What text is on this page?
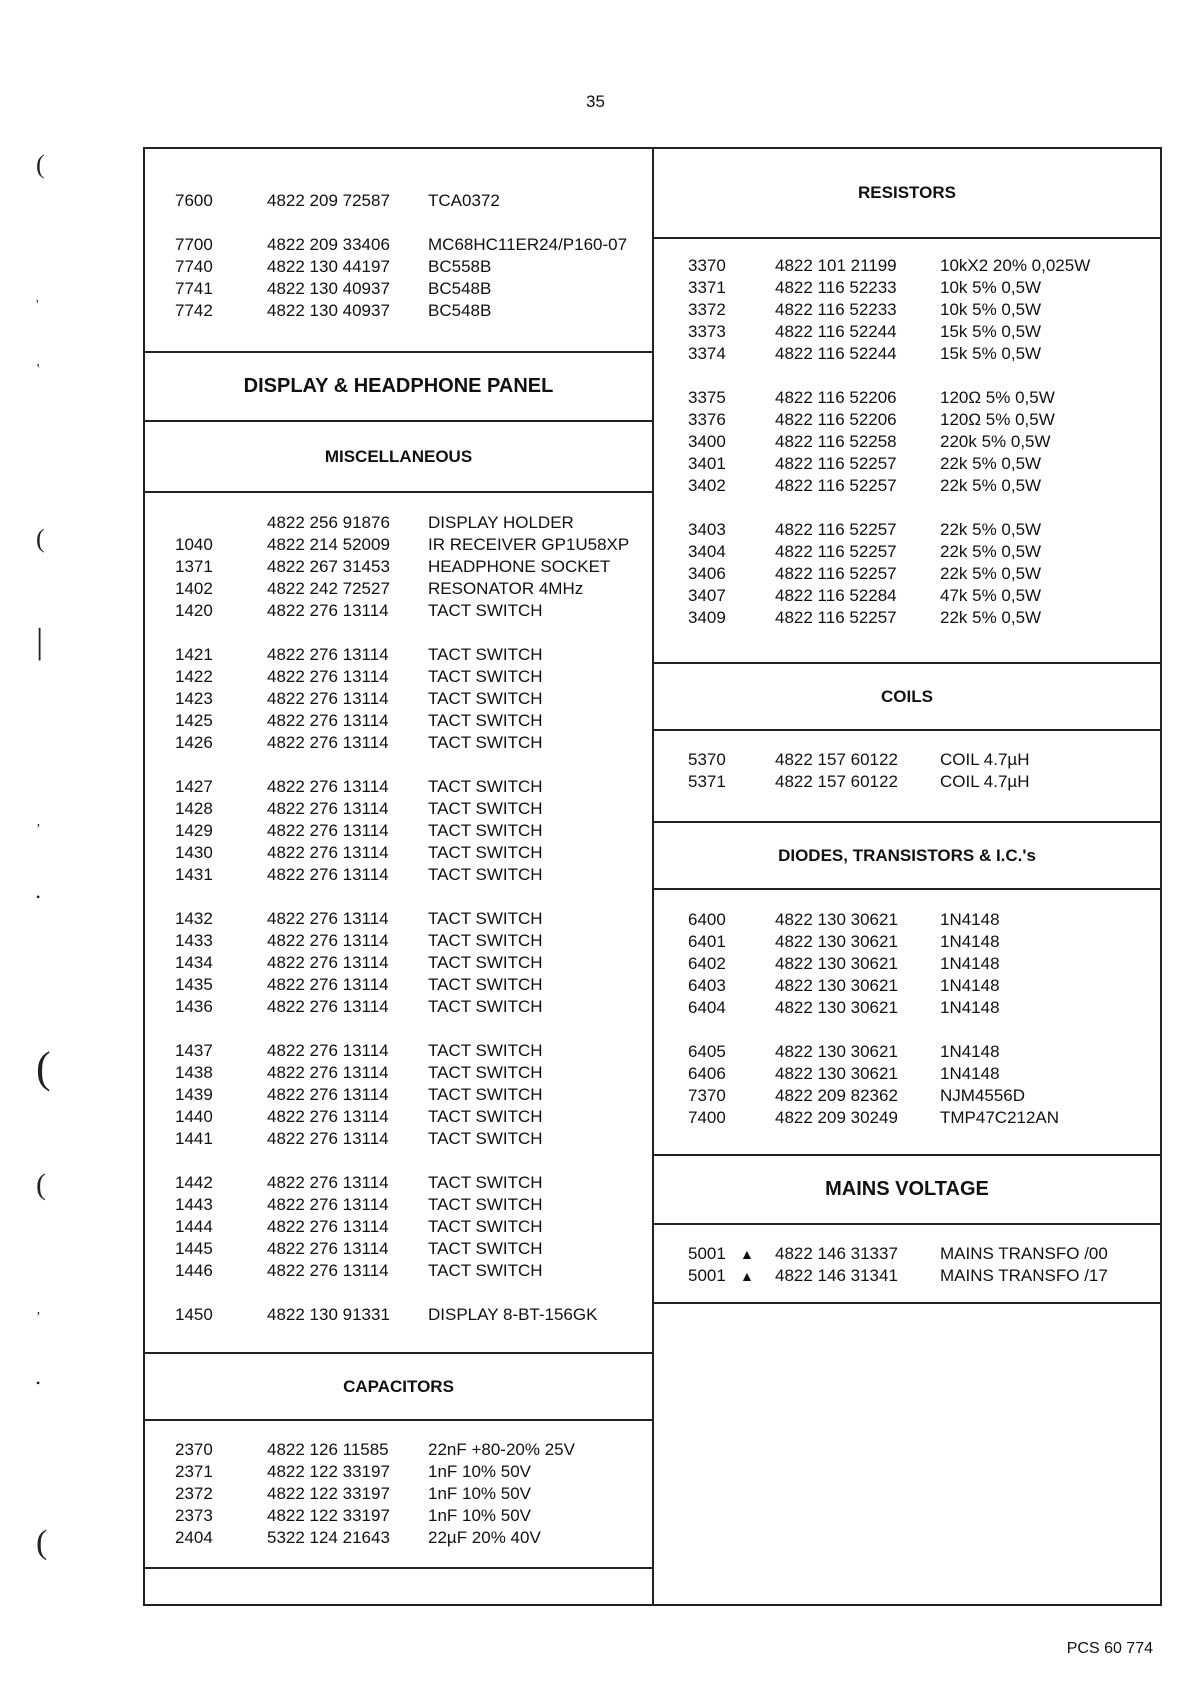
35
(
'
ʽ
(
|
ʼ
•
(
(
ʼ
•
(
7600	4822 209 72587 TCA0372
7700	4822 209 33406 MC68HC11ER24/P160-07
7740	4822 130 44197 BC558B
7741	4822 130 40937 BC548B
7742	4822 130 40937 BC548B
DISPLAY & HEADPHONE PANEL
MISCELLANEOUS
4822 256 91876 DISPLAY HOLDER
1040	4822 214 52009 IR RECEIVER GP1U58XP
1371	4822 267 31453 HEADPHONE SOCKET
1402	4822 242 72527 RESONATOR 4MHz
1420	4822 276 13114 TACT SWITCH
1421	4822 276 13114 TACT SWITCH
1422	4822 276 13114 TACT SWITCH
1423	4822 276 13114 TACT SWITCH
1425	4822 276 13114 TACT SWITCH
1426	4822 276 13114 TACT SWITCH
1427	4822 276 13114 TACT SWITCH
1428	4822 276 13114 TACT SWITCH
1429	4822 276 13114 TACT SWITCH
1430	4822 276 13114 TACT SWITCH
1431	4822 276 13114 TACT SWITCH
1432	4822 276 13114 TACT SWITCH
1433	4822 276 13114 TACT SWITCH
1434	4822 276 13114 TACT SWITCH
1435	4822 276 13114 TACT SWITCH
1436	4822 276 13114 TACT SWITCH
1437	4822 276 13114 TACT SWITCH
1438	4822 276 13114 TACT SWITCH
1439	4822 276 13114 TACT SWITCH
1440	4822 276 13114 TACT SWITCH
1441	4822 276 13114 TACT SWITCH
1442	4822 276 13114 TACT SWITCH
1443	4822 276 13114 TACT SWITCH
1444	4822 276 13114 TACT SWITCH
1445	4822 276 13114 TACT SWITCH
1446	4822 276 13114 TACT SWITCH
1450	4822 130 91331 DISPLAY 8-BT-156GK
CAPACITORS
2370	4822 126 11585 22nF +80-20% 25V
2371	4822 122 33197 1nF 10% 50V
2372	4822 122 33197 1nF 10% 50V
2373	4822 122 33197 1nF 10% 50V
2404	5322 124 21643 22µF 20% 40V
RESISTORS
3370	4822 101 21199	10kX2 20% 0,025W
3371	4822 116 52233	10k 5% 0,5W
3372	4822 116 52233	10k 5% 0,5W
3373	4822 116 52244	15k 5% 0,5W
3374	4822 116 52244	15k 5% 0,5W
3375	4822 116 52206	120Ω 5% 0,5W
3376	4822 116 52206	120Ω 5% 0,5W
3400	4822 116 52258	220k 5% 0,5W
3401	4822 116 52257	22k 5% 0,5W
3402	4822 116 52257	22k 5% 0,5W
3403	4822 116 52257	22k 5% 0,5W
3404	4822 116 52257	22k 5% 0,5W
3406	4822 116 52257	22k 5% 0,5W
3407	4822 116 52284	47k 5% 0,5W
3409	4822 116 52257	22k 5% 0,5W
COILS
5370	4822 157 60122 COIL 4.7µH
5371	4822 157 60122 COIL 4.7µH
DIODES, TRANSISTORS & I.C.'s
6400	4822 130 30621 1N4148
6401	4822 130 30621 1N4148
6402	4822 130 30621 1N4148
6403	4822 130 30621 1N4148
6404	4822 130 30621 1N4148
6405	4822 130 30621 1N4148
6406	4822 130 30621 1N4148
7370	4822 209 82362 NJM4556D
7400	4822 209 30249 TMP47C212AN
MAINS VOLTAGE
5001 ▲ 4822 146 31337 MAINS TRANSFO /00
5001 ▲ 4822 146 31341 MAINS TRANSFO /17
PCS 60 774
